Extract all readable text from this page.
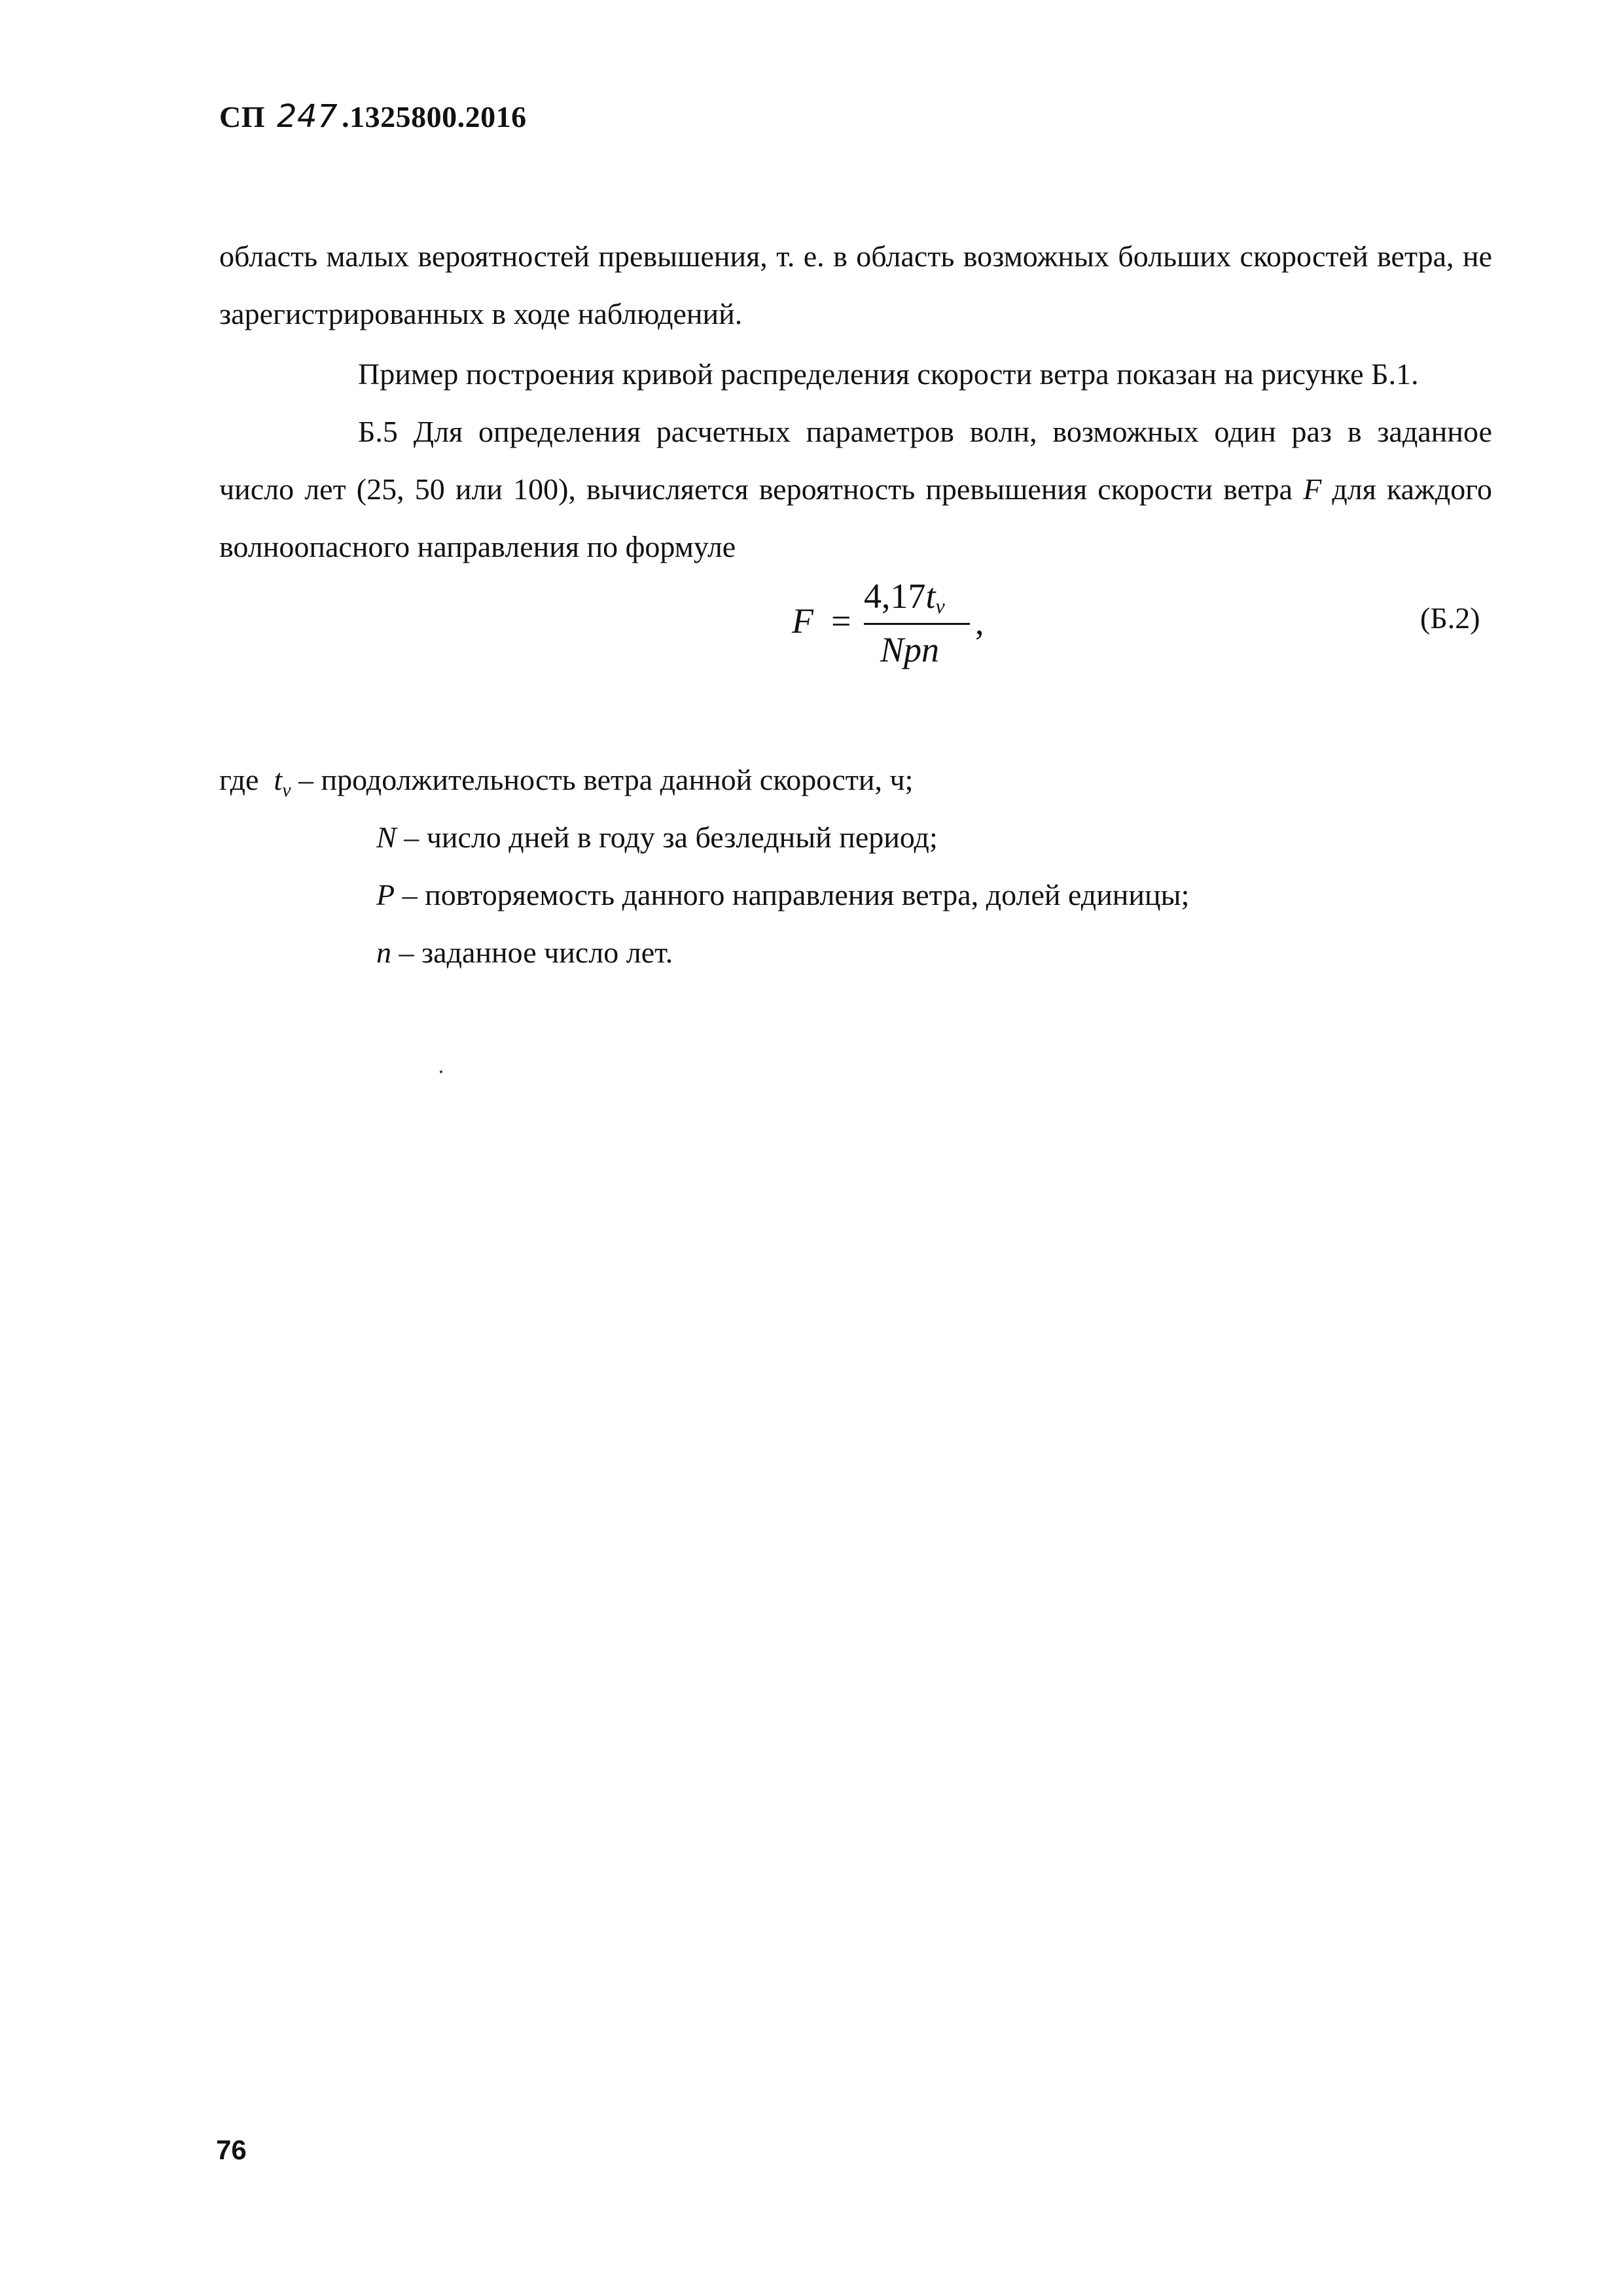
СП 247 .1325800.2016
область малых вероятностей превышения, т. е. в область возможных больших скоростей ветра, не зарегистрированных в ходе наблюдений.
Пример построения кривой распределения скорости ветра показан на рисунке Б.1.
Б.5 Для определения расчетных параметров волн, возможных один раз в заданное число лет (25, 50 или 100), вычисляется вероятность превышения скорости ветра F для каждого волноопасного направления по формуле
F =
$4,17t_v$
Npn
,	(Б.2)
где $t_v$ – продолжительность ветра данной скорости, ч;
N – число дней в году за безледный период;
P – повторяемость данного направления ветра, долей единицы;
n – заданное число лет.
76
